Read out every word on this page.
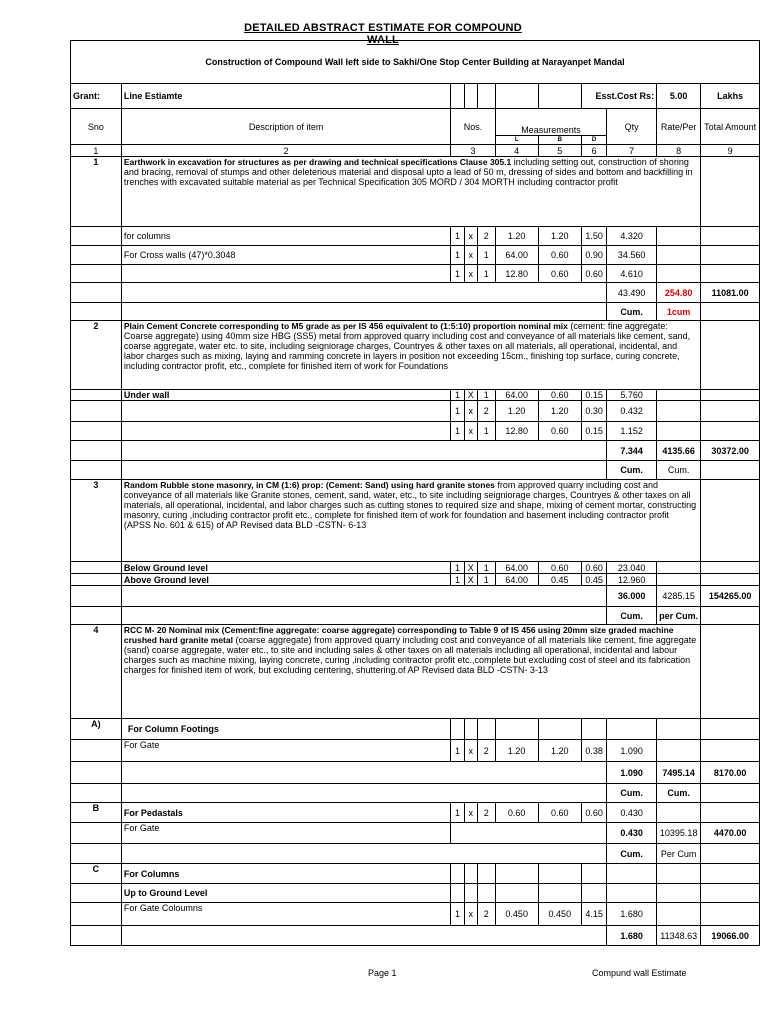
DETAILED ABSTRACT ESTIMATE FOR COMPOUND WALL
Construction of Compound Wall left side to Sakhi/One Stop Center Building at Narayanpet Mandal										
Grant:	Line Estiamte						Esst.Cost Rs:		5.00	Lakhs
Sno	Description of item	Nos.			Measurements			Qty	Rate/Per	Total Amount
					L	B	D			
1	2	3			4	5	6	7	8	9
1	Earthwork in excavation for structures as per drawing and technical specifications Clause 305.1 including setting out, construction of shoring and bracing, removal of stumps and other deleterious material and disposal upto a lead of 50 m, dressing of sides and bottom and backfilling in trenches with excavated suitable material as per Technical Specification 305 MORD / 304 MORTH including contractor profit									
	for columns	1	x	2	1.20	1.20	1.50	4.320		
	For Cross walls (47)*0.3048	1	x	1	64.00	0.60	0.90	34.560		
		1	x	1	12.80	0.60	0.60	4.610		
								43.490	254.80	11081.00
								Cum.	1cum	
2	Plain Cement Concrete corresponding to M5 grade as per IS 456 equivalent to (1:5:10) proportion nominal mix (cement: fine aggregate: Coarse aggregate) using 40mm size HBG (SS5) metal from approved quarry including cost and conveyance of all materials like cement, sand, coarse aggregate, water etc. to site, including seigniorage charges, Countryes & other taxes on all materials, all operational, incidental, and labor charges such as mixing, laying and ramming concrete in layers in position not exceeding 15cm., finishing top surface, curing concrete, including contractor profit, etc., complete for finished item of work for Foundations									

	Under wall	1	X	1	64.00	0.60	0.15	5.760		
		1	x	2	1.20	1.20	0.30	0.432		
		1	x	1	12.80	0.60	0.15	1.152		
								7.344	4135.66	30372.00
								Cum.	Cum.	
3	Random Rubble stone masonry, in CM (1:6) prop: (Cement: Sand) using hard granite stones from approved quarry including cost and conveyance of all materials like Granite stones, cement, sand, water, etc., to site including seigniorage charges, Countryes & other taxes on all materials, all operational, incidental, and labor charges such as cutting stones to required size and shape, mixing of cement mortar, constructing masonry, curing ,including contractor profit etc., complete for finished item of work for foundation and basement including contractor profit (APSS No. 601 & 615) of AP Revised data BLD -CSTN- 6-13									
	Below Ground level	1	X	1	64.00	0.60	0.60	23.040		
	Above Ground level	1	X	1	64.00	0.45	0.45	12.960		
								36.000	4285.15	154265.00
								Cum.	per Cum.	
4	RCC M- 20 Nominal mix (Cement:fine aggregate: coarse aggregate) corresponding to Table 9 of IS 456 using 20mm size graded machine crushed hard granite metal (coarse aggregate) from approved quarry including cost and conveyance of all materials like cement, fine aggregate (sand) coarse aggregate, water etc., to site and including sales & other taxes on all materials including all operational, incidental and labour charges such as machine mixing, laying concrete, curing ,including contractor profit etc.,complete but excluding cost of steel and its fabrication charges for finished item of work, but excluding centering, shuttering.of AP Revised data BLD -CSTN- 3-13									
A)	For Column Footings									
	For Gate	1	x	2	1.20	1.20	0.38	1.090		
								1.090	7495.14	8170.00
								Cum.	Cum.	
B	For Pedastals	1	x	2	0.60	0.60	0.60	0.430		
	For Gate							0.430	10395.18	4470.00
								Cum.	Per Cum	
C	For Columns									
	Up to Ground Level									
	For Gate Coloumns	1	x	2	0.450	0.450	4.15	1.680		
								1.680	11348.63	19066.00
Page 1	Compund wall Estimate
